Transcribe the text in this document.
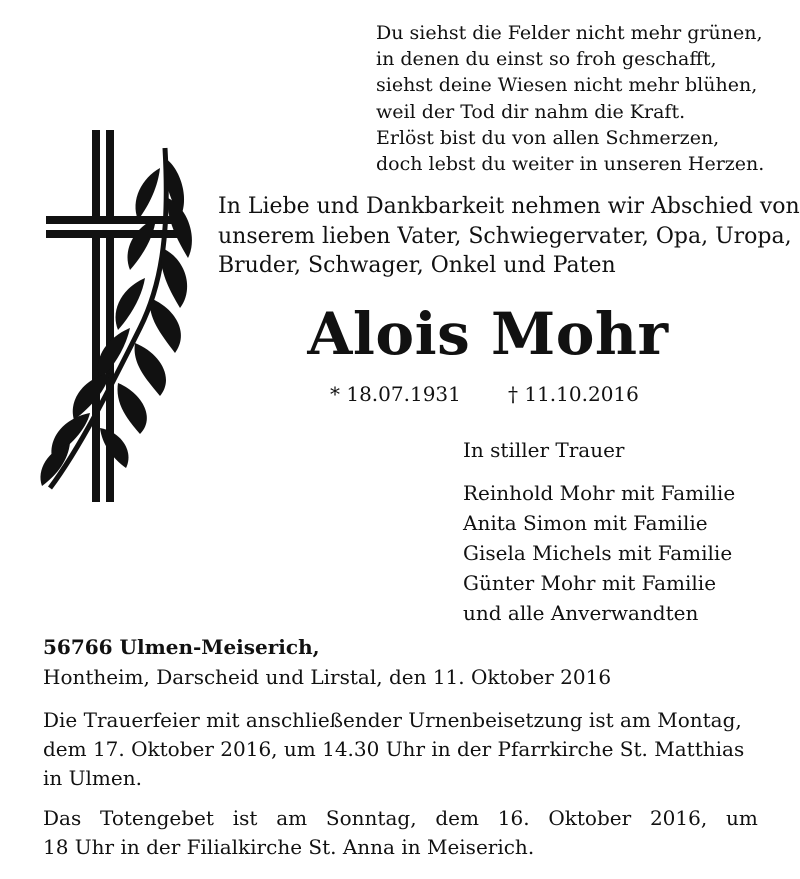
Du siehst die Felder nicht mehr grünen,
in denen du einst so froh geschafft,
siehst deine Wiesen nicht mehr blühen,
weil der Tod dir nahm die Kraft.
Erlöst bist du von allen Schmerzen,
doch lebst du weiter in unseren Herzen.
In Liebe und Dankbarkeit nehmen wir Abschied von
unserem lieben Vater, Schwiegervater, Opa, Uropa,
Bruder, Schwager, Onkel und Paten
Alois Mohr
* 18.07.1931 † 11.10.2016
In stiller Trauer
Reinhold Mohr mit Familie
Anita Simon mit Familie
Gisela Michels mit Familie
Günter Mohr mit Familie
und alle Anverwandten
56766 Ulmen-Meiserich,
Hontheim, Darscheid und Lirstal, den 11. Oktober 2016
Die Trauerfeier mit anschließender Urnenbeisetzung ist am Montag,
dem 17. Oktober 2016, um 14.30 Uhr in der Pfarrkirche St. Matthias
in Ulmen.
Das Totengebet ist am Sonntag, dem 16. Oktober 2016, um
18 Uhr in der Filialkirche St. Anna in Meiserich.
